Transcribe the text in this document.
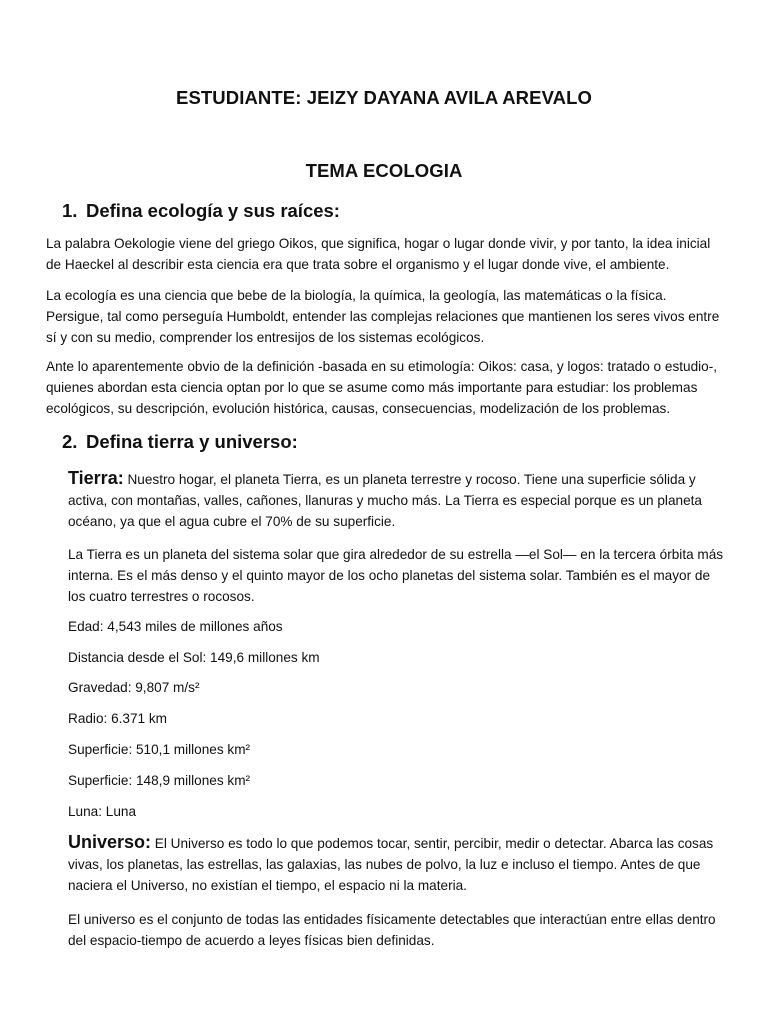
ESTUDIANTE: JEIZY DAYANA AVILA AREVALO
TEMA ECOLOGIA
1. Defina ecología y sus raíces:

La palabra Oekologie viene del griego Oikos, que significa, hogar o lugar donde vivir, y por tanto, la idea inicial de Haeckel al describir esta ciencia era que trata sobre el organismo y el lugar donde vive, el ambiente.

La ecología es una ciencia que bebe de la biología, la química, la geología, las matemáticas o la física. Persigue, tal como perseguía Humboldt, entender las complejas relaciones que mantienen los seres vivos entre sí y con su medio, comprender los entresijos de los sistemas ecológicos.

Ante lo aparentemente obvio de la definición -basada en su etimología: Oikos: casa, y logos: tratado o estudio-, quienes abordan esta ciencia optan por lo que se asume como más importante para estudiar: los problemas ecológicos, su descripción, evolución histórica, causas, consecuencias, modelización de los problemas.

2. Defina tierra y universo:

Tierra: Nuestro hogar, el planeta Tierra, es un planeta terrestre y rocoso. Tiene una superficie sólida y activa, con montañas, valles, cañones, llanuras y mucho más. La Tierra es especial porque es un planeta océano, ya que el agua cubre el 70% de su superficie.

La Tierra es un planeta del sistema solar que gira alrededor de su estrella —el Sol— en la tercera órbita más interna. Es el más denso y el quinto mayor de los ocho planetas del sistema solar. También es el mayor de los cuatro terrestres o rocosos.

Edad: 4,543 miles de millones años

Distancia desde el Sol: 149,6 millones km

Gravedad: 9,807 m/s²

Radio: 6.371 km

Superficie: 510,1 millones km²

Superficie: 148,9 millones km²

Luna: Luna

Universo: El Universo es todo lo que podemos tocar, sentir, percibir, medir o detectar. Abarca las cosas vivas, los planetas, las estrellas, las galaxias, las nubes de polvo, la luz e incluso el tiempo. Antes de que naciera el Universo, no existían el tiempo, el espacio ni la materia.

El universo es el conjunto de todas las entidades físicamente detectables que interactúan entre ellas dentro del espacio-tiempo de acuerdo a leyes físicas bien definidas.
